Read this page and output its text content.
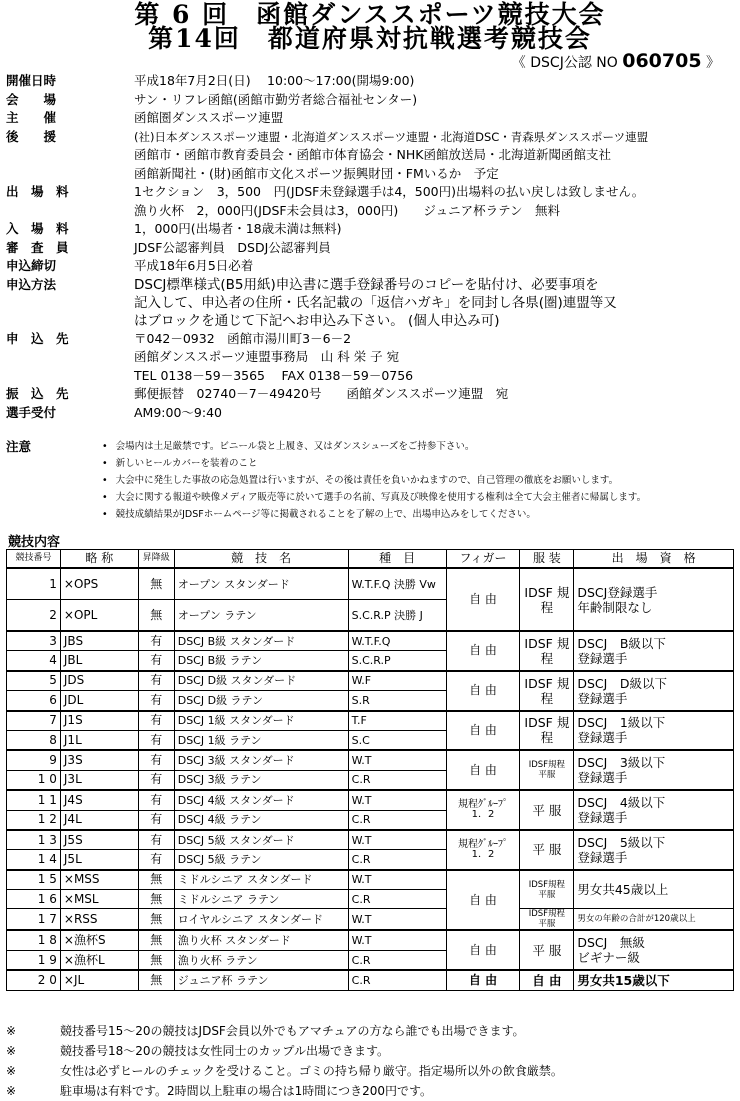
第 6 回　函館ダンススポーツ競技大会
第14回　都道府県対抗戦選考競技会
《 DSCJ公認 NO 060705 》
開催日時	平成18年7月2日(日)　 10:00～17:00(開場9:00)
会　　場	サン・リフレ函館(函館市勤労者総合福祉センター)
主　　催	函館圏ダンススポーツ連盟
後　　援	(社)日本ダンススポーツ連盟・北海道ダンススポーツ連盟・北海道DSC・青森県ダンススポーツ連盟
函館市・函館市教育委員会・函館市体育協会・NHK函館放送局・北海道新聞函館支社
函館新聞社・(財)函館市文化スポーツ振興財団・FMいるか　予定
出　場　料	1セクション　3，500　円(JDSF未登録選手は4，500円)出場料の払い戻しは致しません。
漁り火杯　2，000円(JDSF未会員は3，000円)　　ジュニア杯ラテン　無料
入　場　料	1，000円(出場者・18歳未満は無料)
審　査　員	JDSF公認審判員　DSDJ公認審判員
申込締切	平成18年6月5日必着
申込方法	DSCJ標準様式(B5用紙)申込書に選手登録番号のコピーを貼付け、必要事項を
記入して、申込者の住所・氏名記載の「返信ハガキ」を同封し各県(圏)連盟等又
はブロックを通じて下記へお申込み下さい。 (個人申込み可)
申　込　先	〒042－0932　函館市湯川町3－6－2
函館ダンススポーツ連盟事務局　山 科 栄 子 宛
TEL 0138－59－3565　 FAX 0138－59－0756
振　込　先	郵便振替　02740－7－49420号　　函館ダンススポーツ連盟　宛
選手受付	AM9:00～9:40
注意	• 会場内は土足厳禁です。ビニール袋と上履き、又はダンスシューズをご持参下さい。
• 新しいヒールカバーを装着のこと
• 大会中に発生した事故の応急処置は行いますが、その後は責任を負いかねますので、自己管理の徹底をお願いします。
• 大会に関する報道や映像メディア販売等に於いて選手の名前、写真及び映像を使用する権利は全て大会主催者に帰属します。
• 競技成績結果がJDSFホームページ等に掲載されることを了解の上で、出場申込みをしてください。
競技内容
競技番号	略 称	昇降級	競　技　名	種　目	フィガー	服 装	出　場　資　格
1	×OPS	無	オープン スタンダード	W.T.F.Q 決勝 Vw	自 由	IDSF 規程	DSCJ登録選手
年齢制限なし

2	×OPL	無	オープン ラテン	S.C.R.P 決勝 J			
3	JBS	有	DSCJ B級 スタンダード	W.T.F.Q	自 由	IDSF 規程	DSCJ　B級以下
登録選手

4	JBL	有	DSCJ B級 ラテン	S.C.R.P			
5	JDS	有	DSCJ D級 スタンダード	W.F	自 由	IDSF 規程	DSCJ　D級以下
登録選手

6	JDL	有	DSCJ D級 ラテン	S.R			
7	J1S	有	DSCJ 1級 スタンダード	T.F	自 由	IDSF 規程	DSCJ　1級以下
登録選手

8	J1L	有	DSCJ 1級 ラテン	S.C			
9	J3S	有	DSCJ 3級 スタンダード	W.T	自 由	IDSF規程 平服	DSCJ　3級以下
登録選手

1 0	J3L	有	DSCJ 3級 ラテン	C.R			
1 1	J4S	有	DSCJ 4級 スタンダード	W.T	規程ｸﾞﾙｰﾌﾟ 1．2	平 服	DSCJ　4級以下
登録選手

1 2	J4L	有	DSCJ 4級 ラテン	C.R			
1 3	J5S	有	DSCJ 5級 スタンダード	W.T	規程ｸﾞﾙｰﾌﾟ 1．2	平 服	DSCJ　5級以下
登録選手

1 4	J5L	有	DSCJ 5級 ラテン	C.R			
1 5	×MSS	無	ミドルシニア スタンダード	W.T	自 由	IDSF規程 平服	男女共45歳以上
1 6	×MSL	無	ミドルシニア ラテン	C.R			
1 7	×RSS	無	ロイヤルシニア スタンダード	W.T		IDSF規程 平服	男女の年齢の合計が120歳以上
1 8	×漁杯S	無	漁り火杯 スタンダード	W.T	自 由	平 服	DSCJ　無級
ビギナー級

1 9	×漁杯L	無	漁り火杯 ラテン	C.R			
2 0	×JL	無	ジュニア杯 ラテン	C.R	自 由	自 由	男女共15歳以下
※	競技番号15～20の競技はJDSF会員以外でもアマチュアの方なら誰でも出場できます。
※	競技番号18～20の競技は女性同士のカップル出場できます。
※	女性は必ずヒールのチェックを受けること。ゴミの持ち帰り厳守。指定場所以外の飲食厳禁。
※	駐車場は有料です。2時間以上駐車の場合は1時間につき200円です。
